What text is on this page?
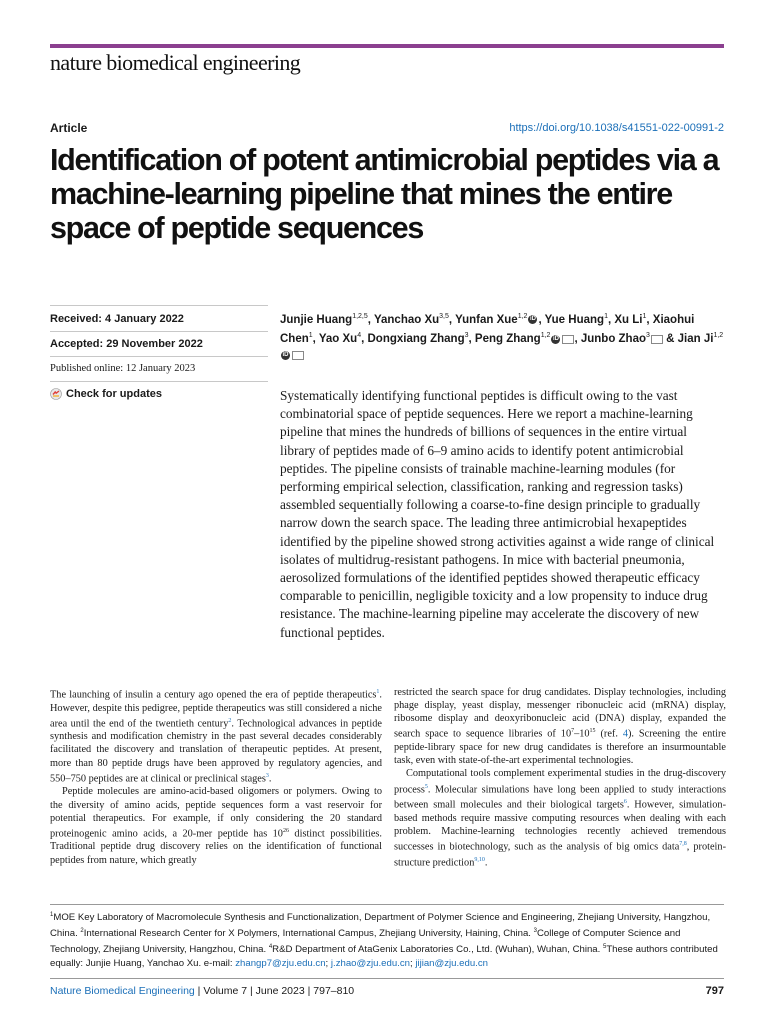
nature biomedical engineering
Article	https://doi.org/10.1038/s41551-022-00991-2
Identification of potent antimicrobial peptides via a machine-learning pipeline that mines the entire space of peptide sequences
Received: 4 January 2022
Accepted: 29 November 2022
Published online: 12 January 2023
Check for updates
Junjie Huang$^{1,2,5}$, Yanchao Xu$^{3,5}$, Yunfan Xue$^{1,2}$ iD , Yue Huang$^1$, Xu Li$^1$, Xiaohui Chen$^1$, Yao Xu$^4$, Dongxiang Zhang$^3$, Peng Zhang$^{1,2}$ iD , Junbo Zhao$^3$ & Jian Ji$^{1,2}$iD

Systematically identifying functional peptides is difficult owing to the vast combinatorial space of peptide sequences. Here we report a machine-learning pipeline that mines the hundreds of billions of sequences in the entire virtual library of peptides made of 6–9 amino acids to identify potent antimicrobial peptides. The pipeline consists of trainable machine-learning modules (for performing empirical selection, classification, ranking and regression tasks) assembled sequentially following a coarse-to-fine design principle to gradually narrow down the search space. The leading three antimicrobial hexapeptides identified by the pipeline showed strong activities against a wide range of clinical isolates of multidrug-resistant pathogens. In mice with bacterial pneumonia, aerosolized formulations of the identified peptides showed therapeutic efficacy comparable to penicillin, negligible toxicity and a low propensity to induce drug resistance. The machine-learning pipeline may accelerate the discovery of new functional peptides.

The launching of insulin a century ago opened the era of peptide therapeutics$^1$. However, despite this pedigree, peptide therapeutics was still considered a niche area until the end of the twentieth century$^2$. Technological advances in peptide synthesis and modification chemistry in the past several decades considerably facilitated the discovery and translation of therapeutic peptides. At present, more than 80 peptide drugs have been approved by regulatory agencies, and 550–750 peptides are at clinical or preclinical stages$^3$.

Peptide molecules are amino-acid-based oligomers or polymers. Owing to the diversity of amino acids, peptide sequences form a vast reservoir for potential therapeutics. For example, if only considering the 20 standard proteinogenic amino acids, a 20-mer peptide has $10^{26}$ distinct possibilities. Traditional peptide drug discovery relies on the identification of functional peptides from nature, which greatly

restricted the search space for drug candidates. Display technologies, including phage display, yeast display, messenger ribonucleic acid (mRNA) display, ribosome display and deoxyribonucleic acid (DNA) display, expanded the search space to sequence libraries of $10^7-10^{15}$ (ref. 4). Screening the entire peptide-library space for new drug candidates is therefore an insurmountable task, even with state-of-the-art experimental technologies.

Computational tools complement experimental studies in the drug-discovery process$^5$. Molecular simulations have long been applied to study interactions between small molecules and their biological targets$^6$. However, simulation-based methods require massive computing resources when dealing with each problem. Machine-learning technologies recently achieved tremendous successes in biotechnology, such as the analysis of big omics data$^{7,8}$, protein-structure prediction$^{9,10}$.

$^1$MOE Key Laboratory of Macromolecule Synthesis and Functionalization, Department of Polymer Science and Engineering, Zhejiang University, Hangzhou, China. $^2$International Research Center for X Polymers, International Campus, Zhejiang University, Haining, China. $^3$College of Computer Science and Technology, Zhejiang University, Hangzhou, China. $^4$R&D Department of AtaGenix Laboratories Co., Ltd. (Wuhan), Wuhan, China. $^5$These authors contributed equally: Junjie Huang, Yanchao Xu. e-mail: zhangp7@zju.edu.cn; j.zhao@zju.edu.cn; jijian@zju.edu.cn

Nature Biomedical Engineering | Volume 7 | June 2023 | 797–810	797
